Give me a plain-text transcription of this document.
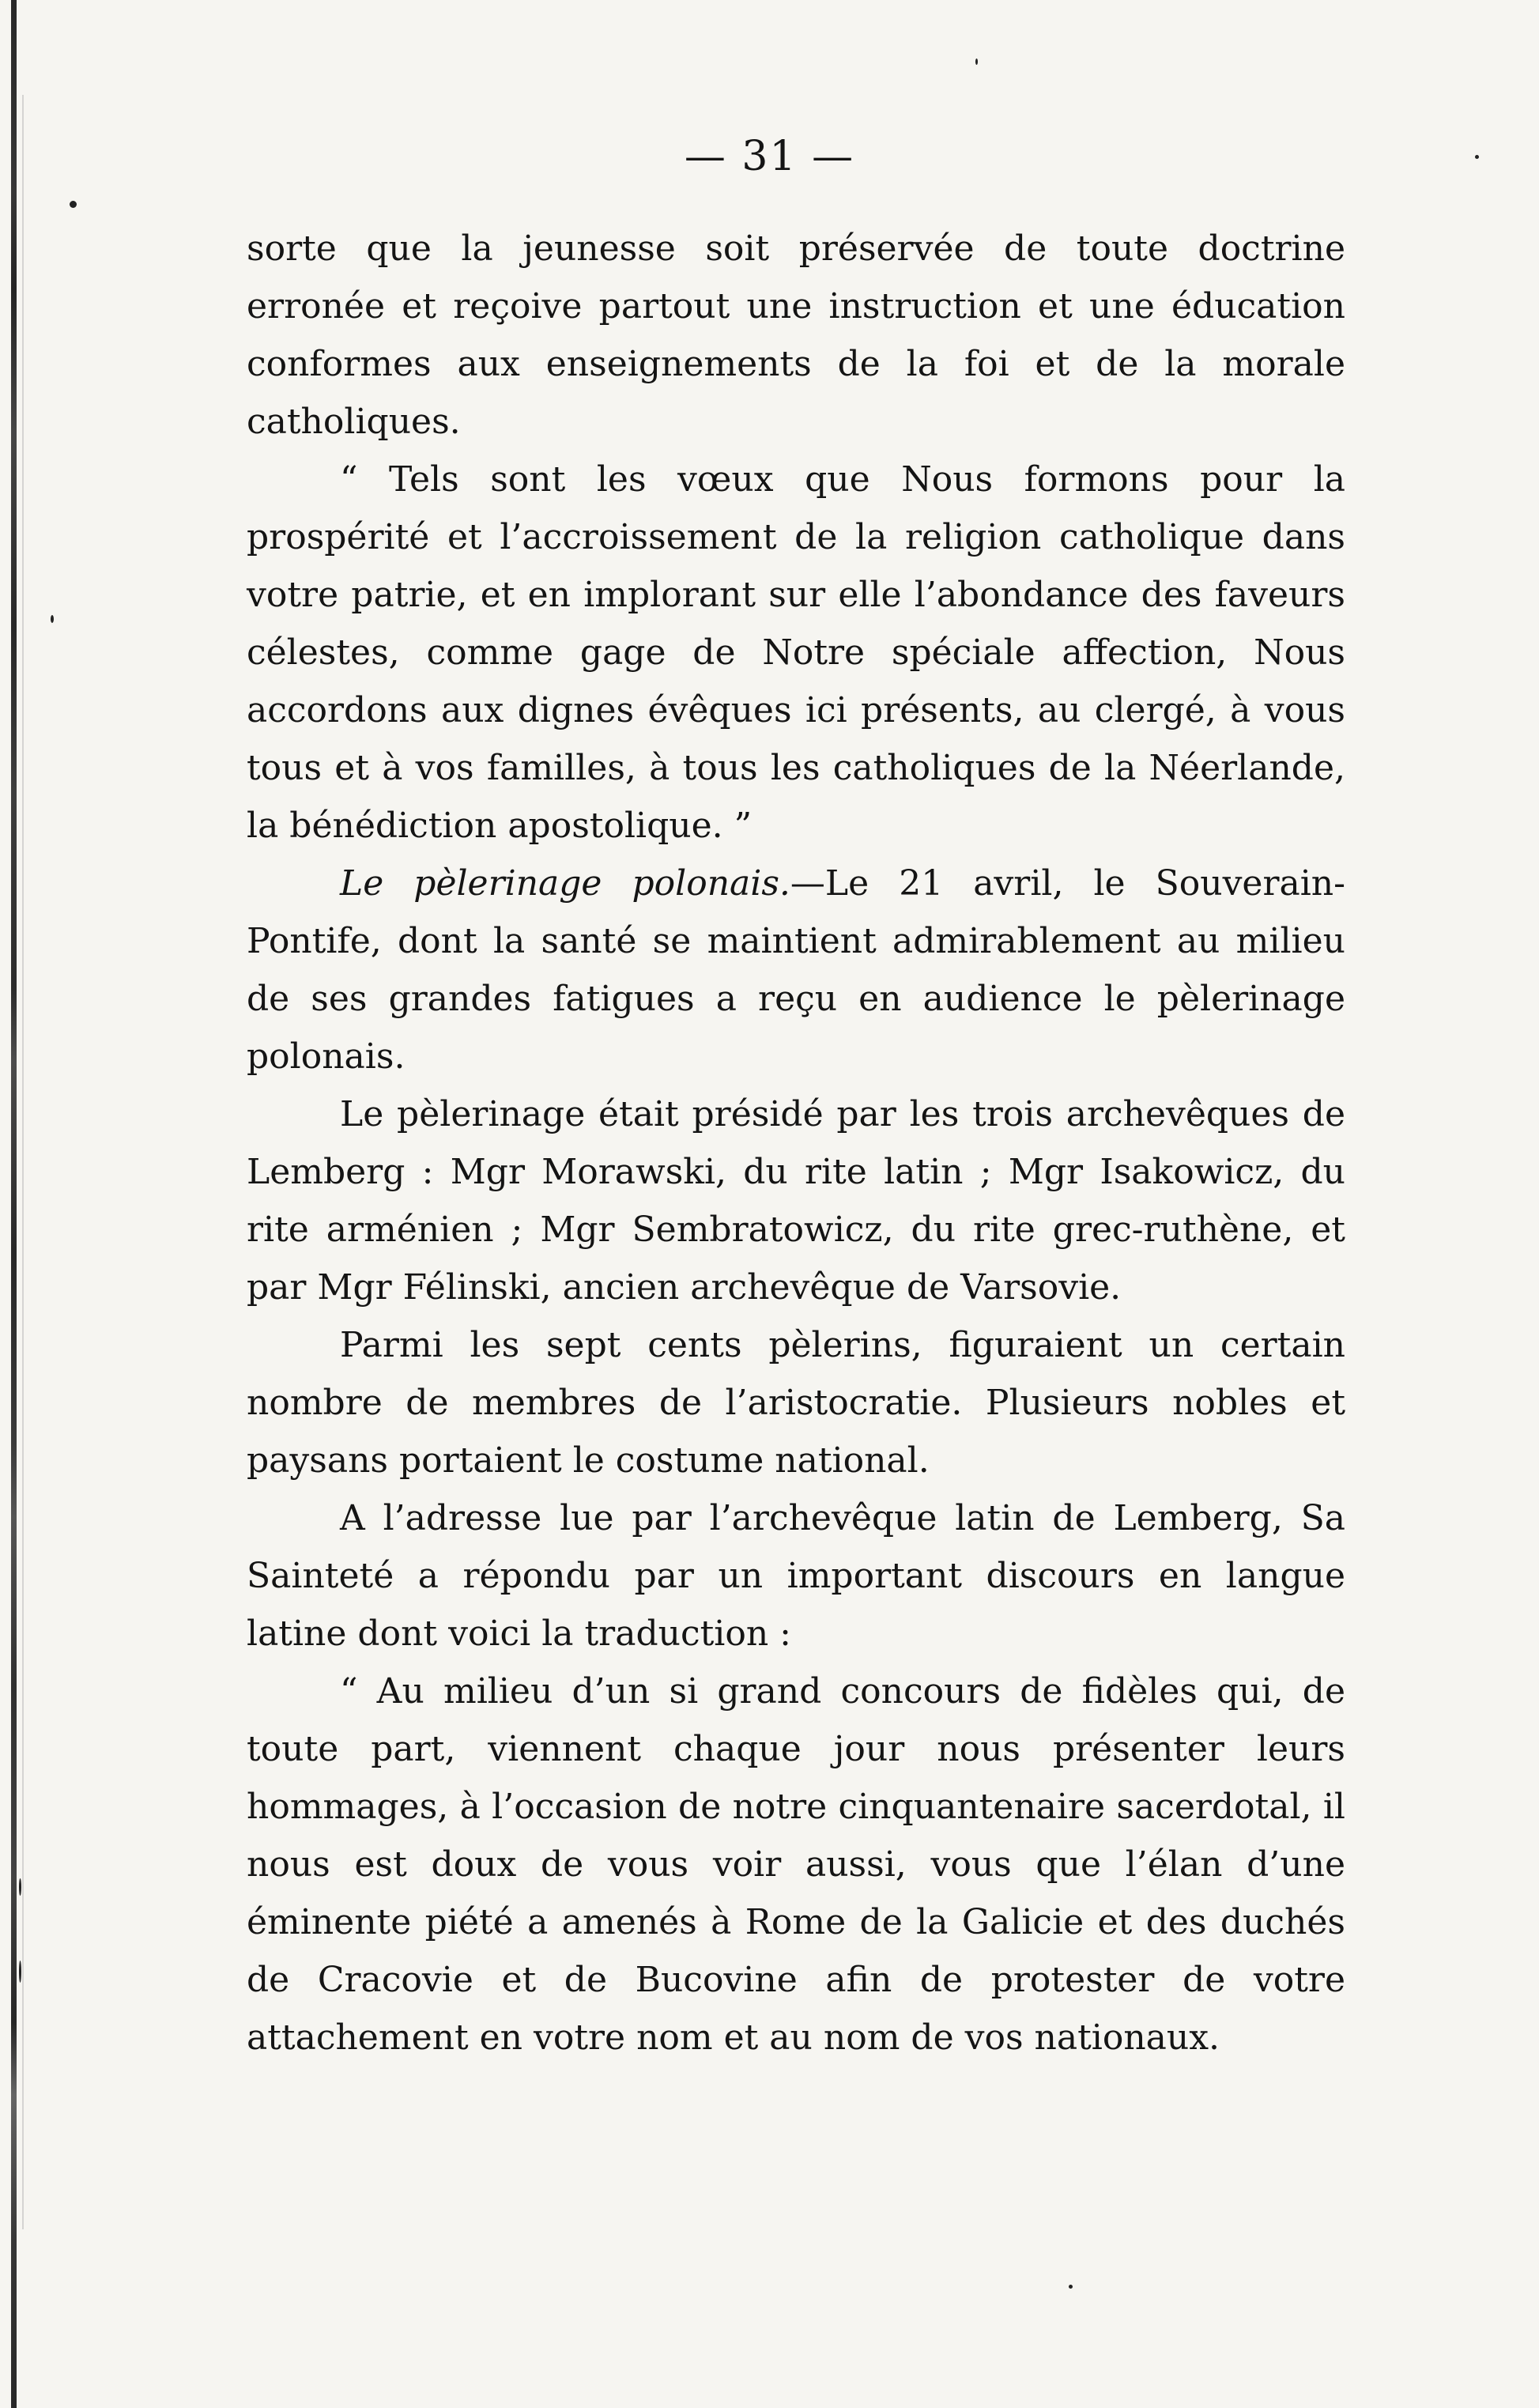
— 31 —

sorte que la jeunesse soit préservée de toute doctrine erronée et reçoive partout une instruction et une éducation conformes aux enseignements de la foi et de la morale catholiques.

“ Tels sont les vœux que Nous formons pour la prospérité et l’accroissement de la religion catholique dans votre patrie, et en implorant sur elle l’abondance des faveurs célestes, comme gage de Notre spéciale affection, Nous accordons aux dignes évêques ici présents, au clergé, à vous tous et à vos familles, à tous les catholiques de la Néerlande, la bénédiction apostolique. ”

Le pèlerinage polonais.—Le 21 avril, le Souverain-Pontife, dont la santé se maintient admirablement au milieu de ses grandes fatigues a reçu en audience le pèlerinage polonais.

Le pèlerinage était présidé par les trois archevêques de Lemberg : Mgr Morawski, du rite latin ; Mgr Isakowicz, du rite arménien ; Mgr Sembratowicz, du rite grec-ruthène, et par Mgr Félinski, ancien archevêque de Varsovie.

Parmi les sept cents pèlerins, figuraient un certain nombre de membres de l’aristocratie. Plusieurs nobles et paysans portaient le costume national.

A l’adresse lue par l’archevêque latin de Lemberg, Sa Sainteté a répondu par un important discours en langue latine dont voici la traduction :

“ Au milieu d’un si grand concours de fidèles qui, de toute part, viennent chaque jour nous présenter leurs hommages, à l’occasion de notre cinquantenaire sacerdotal, il nous est doux de vous voir aussi, vous que l’élan d’une éminente piété a amenés à Rome de la Galicie et des duchés de Cracovie et de Bucovine afin de protester de votre attachement en votre nom et au nom de vos nationaux.
